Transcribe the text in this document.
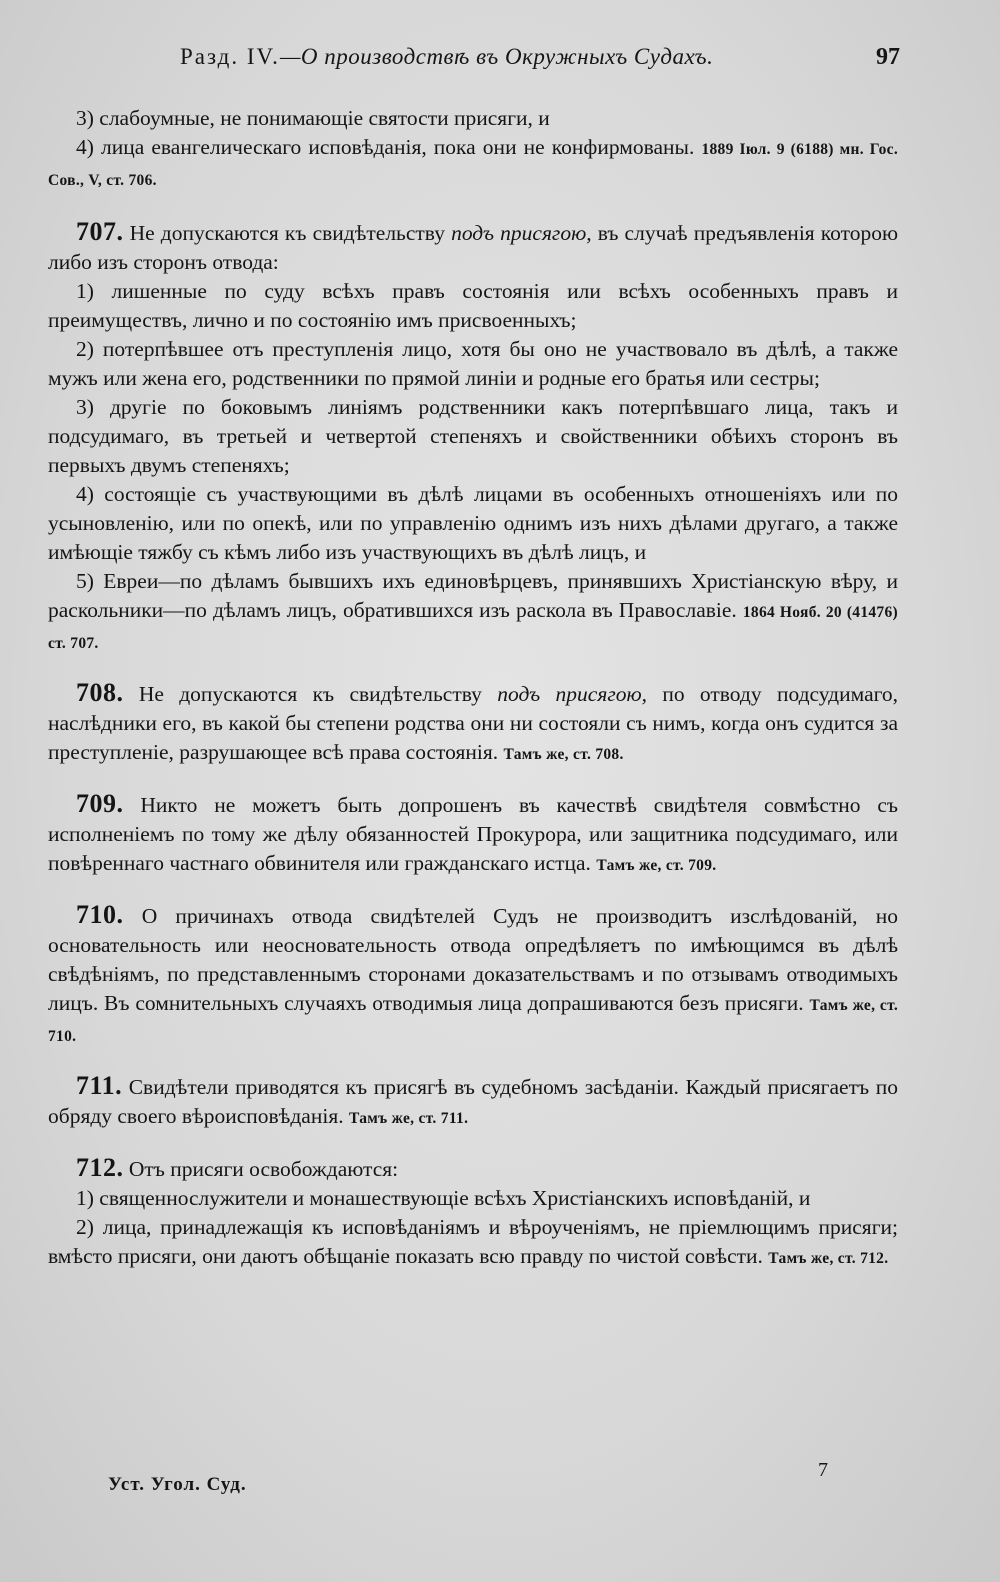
Разд. IV.—О производствѣ въ Окружныхъ Судахъ.	97

3) слабоумные, не понимающіе святости присяги, и

4) лица евангелическаго исповѣданія, пока они не конфирмованы. 1889 Іюл. 9 (6188) мн. Гос. Сов., V, ст. 706.

707. Не допускаются къ свидѣтельству подъ присягою, въ случаѣ предъявленія которою либо изъ сторонъ отвода:

1) лишенные по суду всѣхъ правъ состоянія или всѣхъ особенныхъ правъ и преимуществъ, лично и по состоянію имъ присвоенныхъ;

2) потерпѣвшее отъ преступленія лицо, хотя бы оно не участвовало въ дѣлѣ, а также мужъ или жена его, родственники по прямой линіи и родные его братья или сестры;

3) другіе по боковымъ линіямъ родственники какъ потерпѣвшаго лица, такъ и подсудимаго, въ третьей и четвертой степеняхъ и свойственники обѣихъ сторонъ въ первыхъ двумъ степеняхъ;

4) состоящіе съ участвующими въ дѣлѣ лицами въ особенныхъ отношеніяхъ или по усыновленію, или по опекѣ, или по управленію однимъ изъ нихъ дѣлами другаго, а также имѣющіе тяжбу съ кѣмъ либо изъ участвующихъ въ дѣлѣ лицъ, и

5) Евреи—по дѣламъ бывшихъ ихъ единовѣрцевъ, принявшихъ Христіанскую вѣру, и раскольники—по дѣламъ лицъ, обратившихся изъ раскола въ Православіе. 1864 Нояб. 20 (41476) ст. 707.

708. Не допускаются къ свидѣтельству подъ присягою, по отводу подсудимаго, наслѣдники его, въ какой бы степени родства они ни состояли съ нимъ, когда онъ судится за преступленіе, разрушающее всѣ права состоянія. Тамъ же, ст. 708.

709. Никто не можетъ быть допрошенъ въ качествѣ свидѣтеля совмѣстно съ исполненіемъ по тому же дѣлу обязанностей Прокурора, или защитника подсудимаго, или повѣреннаго частнаго обвинителя или гражданскаго истца. Тамъ же, ст. 709.

710. О причинахъ отвода свидѣтелей Судъ не производитъ изслѣдованій, но основательность или неосновательность отвода опредѣляетъ по имѣющимся въ дѣлѣ свѣдѣніямъ, по представленнымъ сторонами доказательствамъ и по отзывамъ отводимыхъ лицъ. Въ сомнительныхъ случаяхъ отводимыя лица допрашиваются безъ присяги. Тамъ же, ст. 710.

711. Свидѣтели приводятся къ присягѣ въ судебномъ засѣданіи. Каждый присягаетъ по обряду своего вѣроисповѣданія. Тамъ же, ст. 711.

712. Отъ присяги освобождаются:

1) священнослужители и монашествующіе всѣхъ Христіанскихъ исповѣданій, и

2) лица, принадлежащія къ исповѣданіямъ и вѣроученіямъ, не пріемлющимъ присяги; вмѣсто присяги, они даютъ обѣщаніе показать всю правду по чистой совѣсти. Тамъ же, ст. 712.

Уст. Угол. Суд.
7
